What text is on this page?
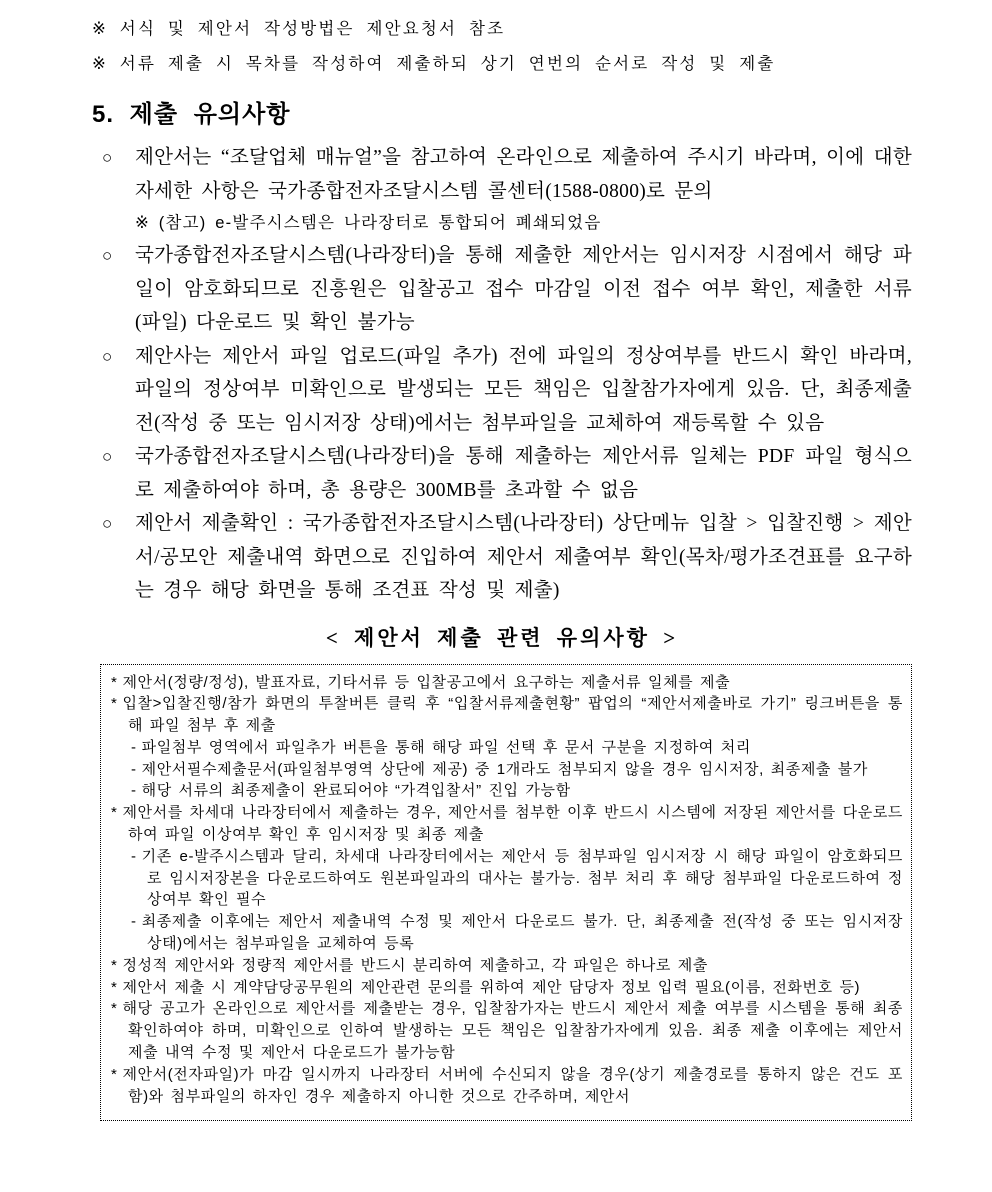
※ 서식 및 제안서 작성방법은 제안요청서 참조
※ 서류 제출 시 목차를 작성하여 제출하되 상기 연번의 순서로 작성 및 제출
5. 제출 유의사항
○	제안서는 “조달업체 매뉴얼”을 참고하여 온라인으로 제출하여 주시기 바라며, 이에 대한 자세한 사항은 국가종합전자조달시스템 콜센터(1588-0800)로 문의
※ (참고) e-발주시스템은 나라장터로 통합되어 폐쇄되었음
○	국가종합전자조달시스템(나라장터)을 통해 제출한 제안서는 임시저장 시점에서 해당 파일이 암호화되므로 진흥원은 입찰공고 접수 마감일 이전 접수 여부 확인, 제출한 서류(파일) 다운로드 및 확인 불가능
○	제안사는 제안서 파일 업로드(파일 추가) 전에 파일의 정상여부를 반드시 확인 바라며, 파일의 정상여부 미확인으로 발생되는 모든 책임은 입찰참가자에게 있음. 단, 최종제출 전(작성 중 또는 임시저장 상태)에서는 첨부파일을 교체하여 재등록할 수 있음
○	국가종합전자조달시스템(나라장터)을 통해 제출하는 제안서류 일체는 PDF 파일 형식으로 제출하여야 하며, 총 용량은 300MB를 초과할 수 없음
○	제안서 제출확인 : 국가종합전자조달시스템(나라장터) 상단메뉴 입찰 > 입찰진행 > 제안서/공모안 제출내역 화면으로 진입하여 제안서 제출여부 확인(목차/평가조견표를 요구하는 경우 해당 화면을 통해 조견표 작성 및 제출)
< 제안서 제출 관련 유의사항 >
* 제안서(정량/정성), 발표자료, 기타서류 등 입찰공고에서 요구하는 제출서류 일체를 제출
* 입찰>입찰진행/참가 화면의 투찰버튼 클릭 후 “입찰서류제출현황” 팝업의 “제안서제출바로 가기” 링크버튼을 통해 파일 첨부 후 제출
- 파일첨부 영역에서 파일추가 버튼을 통해 해당 파일 선택 후 문서 구분을 지정하여 처리
- 제안서필수제출문서(파일첨부영역 상단에 제공) 중 1개라도 첨부되지 않을 경우 임시저장, 최종제출 불가
- 해당 서류의 최종제출이 완료되어야 “가격입찰서” 진입 가능함
* 제안서를 차세대 나라장터에서 제출하는 경우, 제안서를 첨부한 이후 반드시 시스템에 저장된 제안서를 다운로드하여 파일 이상여부 확인 후 임시저장 및 최종 제출
- 기존 e-발주시스템과 달리, 차세대 나라장터에서는 제안서 등 첨부파일 임시저장 시 해당 파일이 암호화되므로 임시저장본을 다운로드하여도 원본파일과의 대사는 불가능. 첨부 처리 후 해당 첨부파일 다운로드하여 정상여부 확인 필수
- 최종제출 이후에는 제안서 제출내역 수정 및 제안서 다운로드 불가. 단, 최종제출 전(작성 중 또는 임시저장 상태)에서는 첨부파일을 교체하여 등록
* 정성적 제안서와 정량적 제안서를 반드시 분리하여 제출하고, 각 파일은 하나로 제출
* 제안서 제출 시 계약담당공무원의 제안관련 문의를 위하여 제안 담당자 정보 입력 필요(이름, 전화번호 등)
* 해당 공고가 온라인으로 제안서를 제출받는 경우, 입찰참가자는 반드시 제안서 제출 여부를 시스템을 통해 최종 확인하여야 하며, 미확인으로 인하여 발생하는 모든 책임은 입찰참가자에게 있음. 최종 제출 이후에는 제안서 제출 내역 수정 및 제안서 다운로드가 불가능함
* 제안서(전자파일)가 마감 일시까지 나라장터 서버에 수신되지 않을 경우(상기 제출경로를 통하지 않은 건도 포함)와 첨부파일의 하자인 경우 제출하지 아니한 것으로 간주하며, 제안서
